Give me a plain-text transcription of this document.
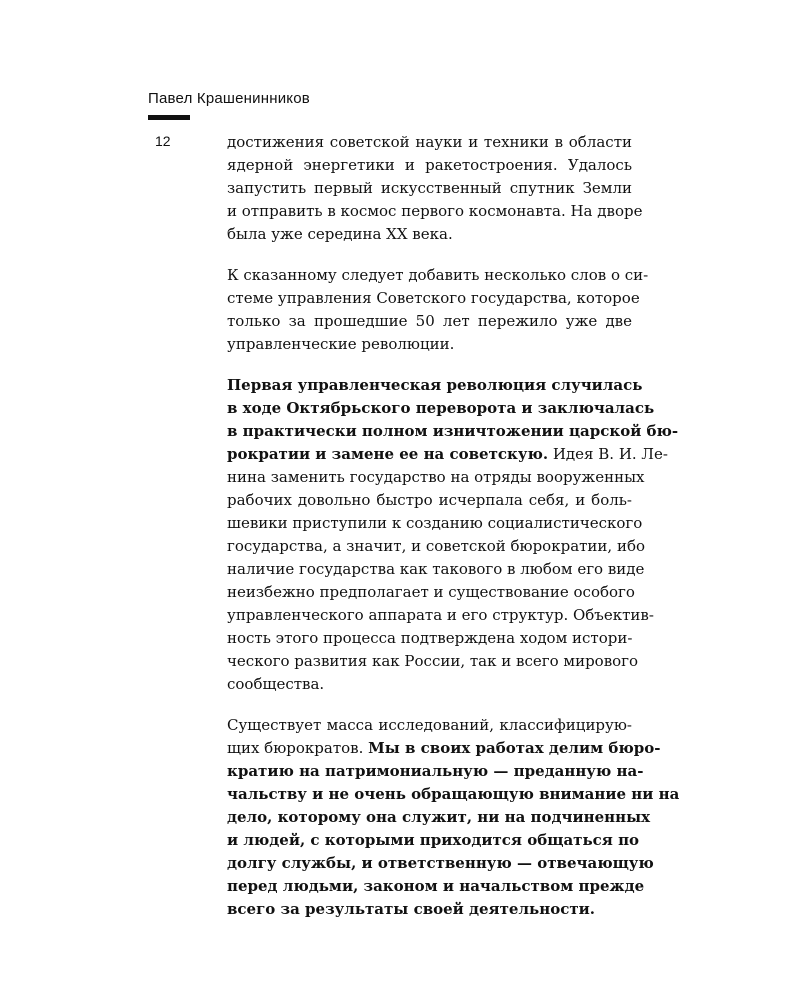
Павел Крашенинников
12	достижения советской науки и техники в области
ядерной энергетики и ракетостроения. Удалось
запустить первый искусственный спутник Земли
и отправить в космос первого космонавта. На дворе
была уже середина XX века.
К сказанному следует добавить несколько слов о си-
стеме управления Советского государства, которое
только за прошедшие 50 лет пережило уже две
управленческие революции.
Первая управленческая революция случилась
в ходе Октябрьского переворота и заключалась
в практически полном изничтожении царской бю-
рократии и замене ее на советскую. Идея В. И. Ле-
нина заменить государство на отряды вооруженных
рабочих довольно быстро исчерпала себя, и боль-
шевики приступили к созданию социалистического
государства, а значит, и советской бюрократии, ибо
наличие государства как такового в любом его виде
неизбежно предполагает и существование особого
управленческого аппарата и его структур. Объектив-
ность этого процесса подтверждена ходом истори-
ческого развития как России, так и всего мирового
сообщества.
Существует масса исследований, классифицирую-
щих бюрократов. Мы в своих работах делим бюро-
кратию на патримониальную — преданную на-
чальству и не очень обращающую внимание ни на
дело, которому она служит, ни на подчиненных
и людей, с которыми приходится общаться по
долгу службы, и ответственную — отвечающую
перед людьми, законом и начальством прежде
всего за результаты своей деятельности.
